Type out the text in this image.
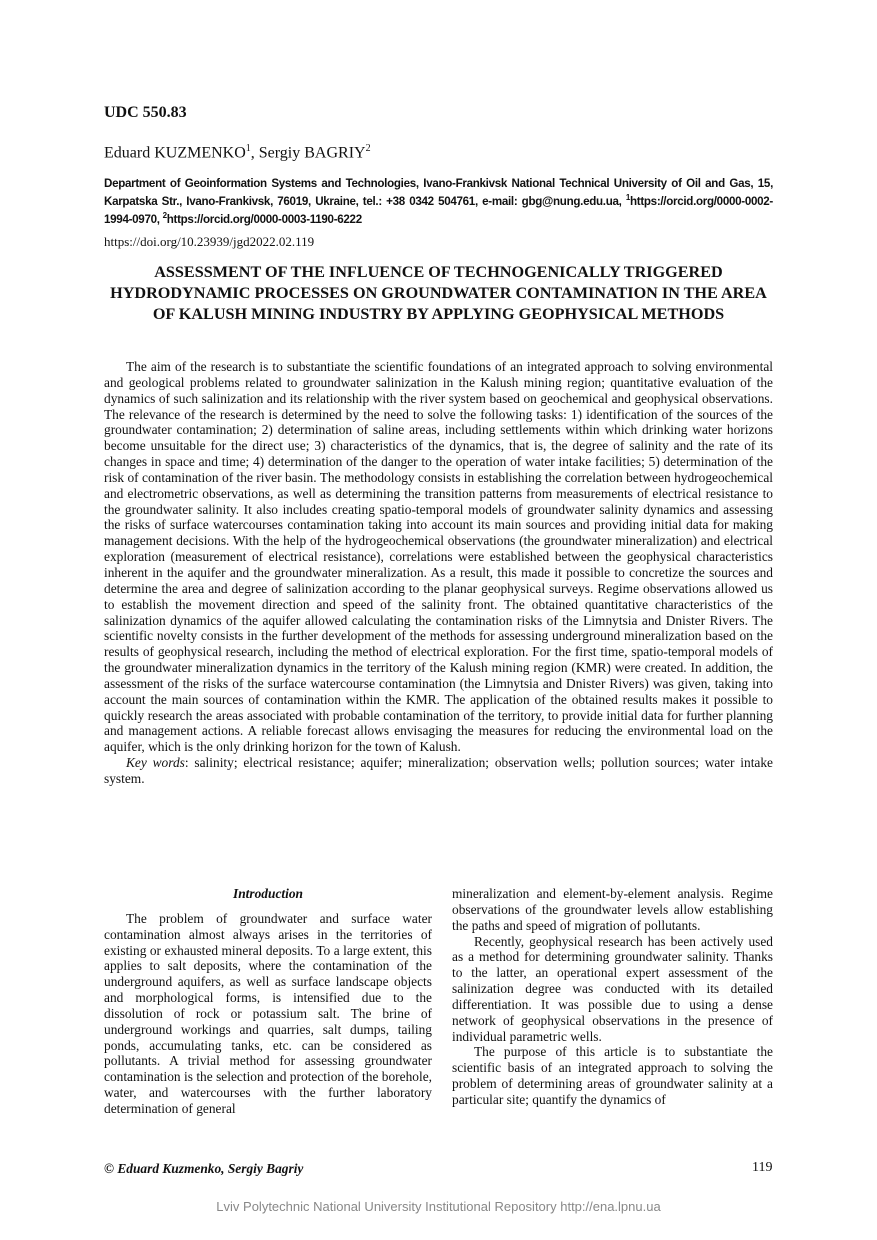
UDC 550.83
Eduard KUZMENKO$^1$, Sergiy BAGRIY$^2$
Department of Geoinformation Systems and Technologies, Ivano-Frankivsk National Technical University of Oil and Gas, 15, Karpatska Str., Ivano-Frankivsk, 76019, Ukraine, tel.: +38 0342 504761, e-mail: gbg@nung.edu.ua, $^1$https://orcid.org/0000-0002-1994-0970, $^2$https://orcid.org/0000-0003-1190-6222
https://doi.org/10.23939/jgd2022.02.119
ASSESSMENT OF THE INFLUENCE OF TECHNOGENICALLY TRIGGERED HYDRODYNAMIC PROCESSES ON GROUNDWATER CONTAMINATION IN THE AREA OF KALUSH MINING INDUSTRY BY APPLYING GEOPHYSICAL METHODS

The aim of the research is to substantiate the scientific foundations of an integrated approach to solving environmental and geological problems related to groundwater salinization in the Kalush mining region; quantitative evaluation of the dynamics of such salinization and its relationship with the river system based on geochemical and geophysical observations. The relevance of the research is determined by the need to solve the following tasks: 1) identification of the sources of the groundwater contamination; 2) determination of saline areas, including settlements within which drinking water horizons become unsuitable for the direct use; 3) characteristics of the dynamics, that is, the degree of salinity and the rate of its changes in space and time; 4) determination of the danger to the operation of water intake facilities; 5) determination of the risk of contamination of the river basin. The methodology consists in establishing the correlation between hydrogeochemical and electrometric observations, as well as determining the transition patterns from measurements of electrical resistance to the groundwater salinity. It also includes creating spatio-temporal models of groundwater salinity dynamics and assessing the risks of surface watercourses contamination taking into account its main sources and providing initial data for making management decisions. With the help of the hydrogeochemical observations (the groundwater mineralization) and electrical exploration (measurement of electrical resistance), correlations were established between the geophysical characteristics inherent in the aquifer and the groundwater mineralization. As a result, this made it possible to concretize the sources and determine the area and degree of salinization according to the planar geophysical surveys. Regime observations allowed us to establish the movement direction and speed of the salinity front. The obtained quantitative characteristics of the salinization dynamics of the aquifer allowed calculating the contamination risks of the Limnytsia and Dnister Rivers. The scientific novelty consists in the further development of the methods for assessing underground mineralization based on the results of geophysical research, including the method of electrical exploration. For the first time, spatio-temporal models of the groundwater mineralization dynamics in the territory of the Kalush mining region (KMR) were created. In addition, the assessment of the risks of the surface watercourse contamination (the Limnytsia and Dnister Rivers) was given, taking into account the main sources of contamination within the KMR. The application of the obtained results makes it possible to quickly research the areas associated with probable contamination of the territory, to provide initial data for further planning and management actions. A reliable forecast allows envisaging the measures for reducing the environmental load on the aquifer, which is the only drinking horizon for the town of Kalush.

Key words: salinity; electrical resistance; aquifer; mineralization; observation wells; pollution sources; water intake system.

Introduction

The problem of groundwater and surface water contamination almost always arises in the territories of existing or exhausted mineral deposits. To a large extent, this applies to salt deposits, where the contamination of the underground aquifers, as well as surface landscape objects and morphological forms, is intensified due to the dissolution of rock or potassium salt. The brine of underground workings and quarries, salt dumps, tailing ponds, accumulating tanks, etc. can be considered as pollutants. A trivial method for assessing groundwater contamination is the selection and protection of the borehole, water, and watercourses with the further laboratory determination of general

mineralization and element-by-element analysis. Regime observations of the groundwater levels allow establishing the paths and speed of migration of pollutants.

Recently, geophysical research has been actively used as a method for determining groundwater salinity. Thanks to the latter, an operational expert assessment of the salinization degree was conducted with its detailed differentiation. It was possible due to using a dense network of geophysical observations in the presence of individual parametric wells.

The purpose of this article is to substantiate the scientific basis of an integrated approach to solving the problem of determining areas of groundwater salinity at a particular site; quantify the dynamics of

© Eduard Kuzmenko, Sergiy Bagriy	119
Lviv Polytechnic National University Institutional Repository http://ena.lpnu.ua
